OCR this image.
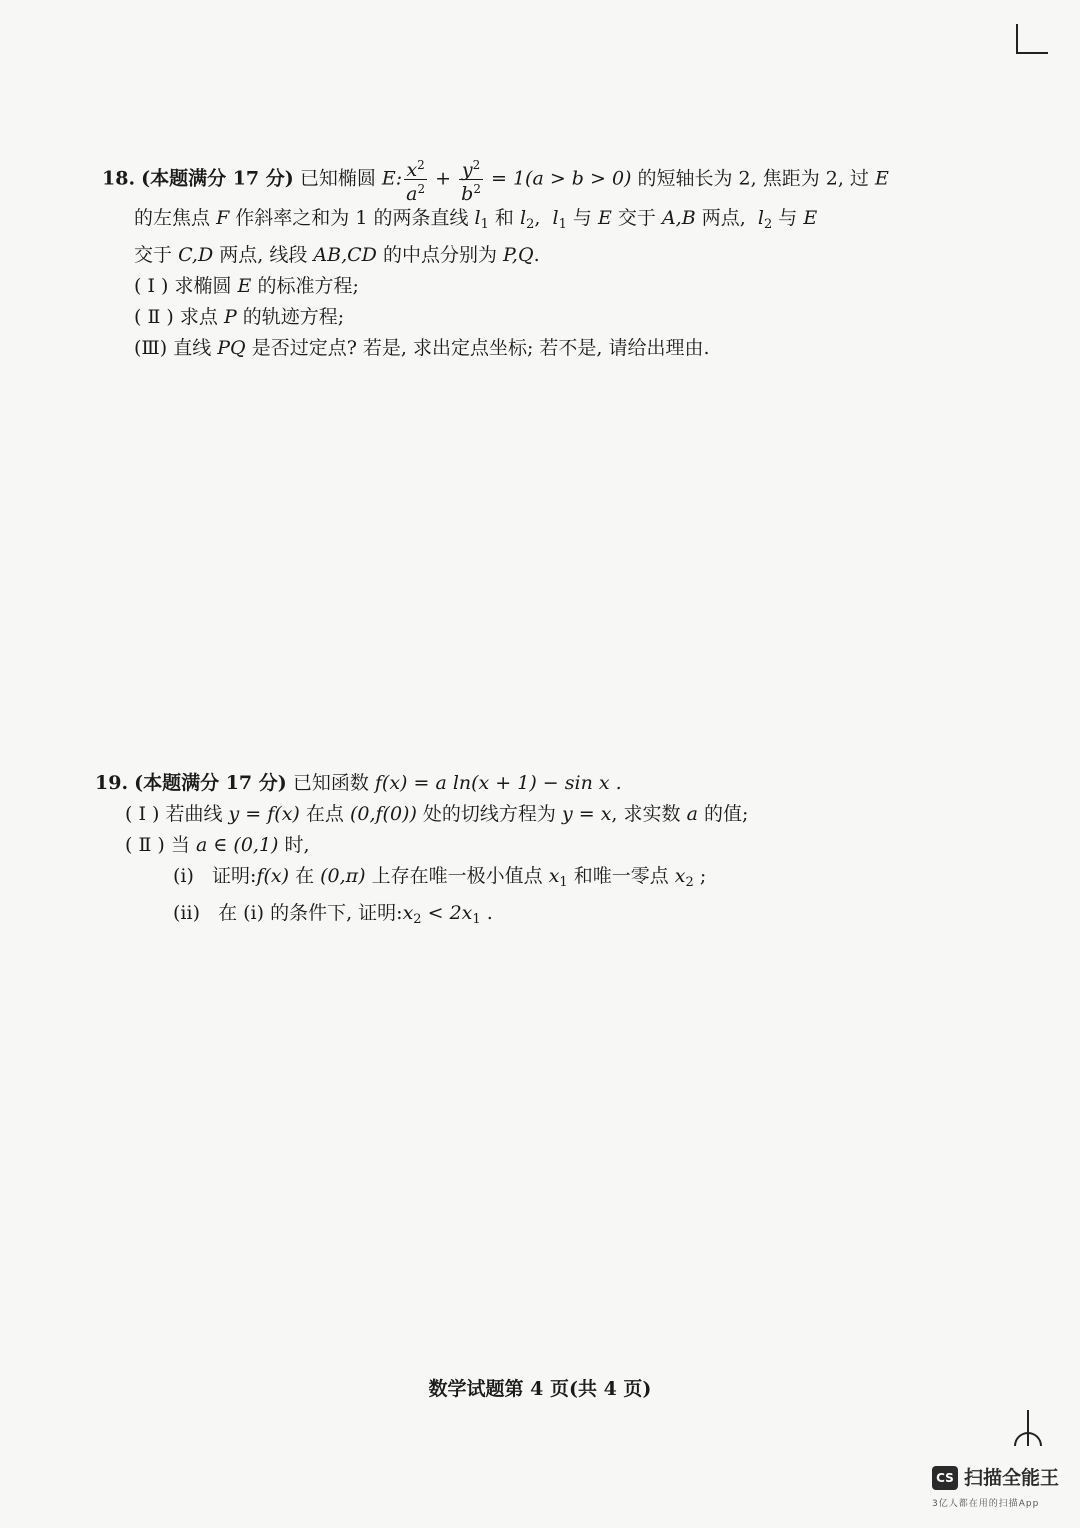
18. (本题满分 17 分) 已知椭圆 E: $\frac{x^2}{a^2} + \frac{y^2}{b^2} = 1(a > b > 0)$ 的短轴长为 2, 焦距为 2, 过 E
的左焦点 F 作斜率之和为 1 的两条直线 $l_1$ 和 $l_2$, $l_1$ 与 E 交于 A,B 两点, $l_2$ 与 E
交于 C,D 两点, 线段 AB,CD 的中点分别为 P,Q.
( Ⅰ ) 求椭圆 E 的标准方程;
( Ⅱ ) 求点 P 的轨迹方程;
(Ⅲ) 直线 PQ 是否过定点? 若是, 求出定点坐标; 若不是, 请给出理由.
19. (本题满分 17 分) 已知函数 f(x) = a ln(x + 1) − sin x .
( Ⅰ ) 若曲线 y = f(x) 在点 (0,f(0)) 处的切线方程为 y = x, 求实数 a 的值;
( Ⅱ ) 当 a ∈ (0,1) 时,
(i) 证明:f(x) 在 (0,π) 上存在唯一极小值点 $x_1$ 和唯一零点 $x_2$ ;
(ii) 在 (i) 的条件下, 证明$:x_2 < 2x_1$ .
数学试题第 4 页(共 4 页)
CS 扫描全能王
3亿人都在用的扫描App
